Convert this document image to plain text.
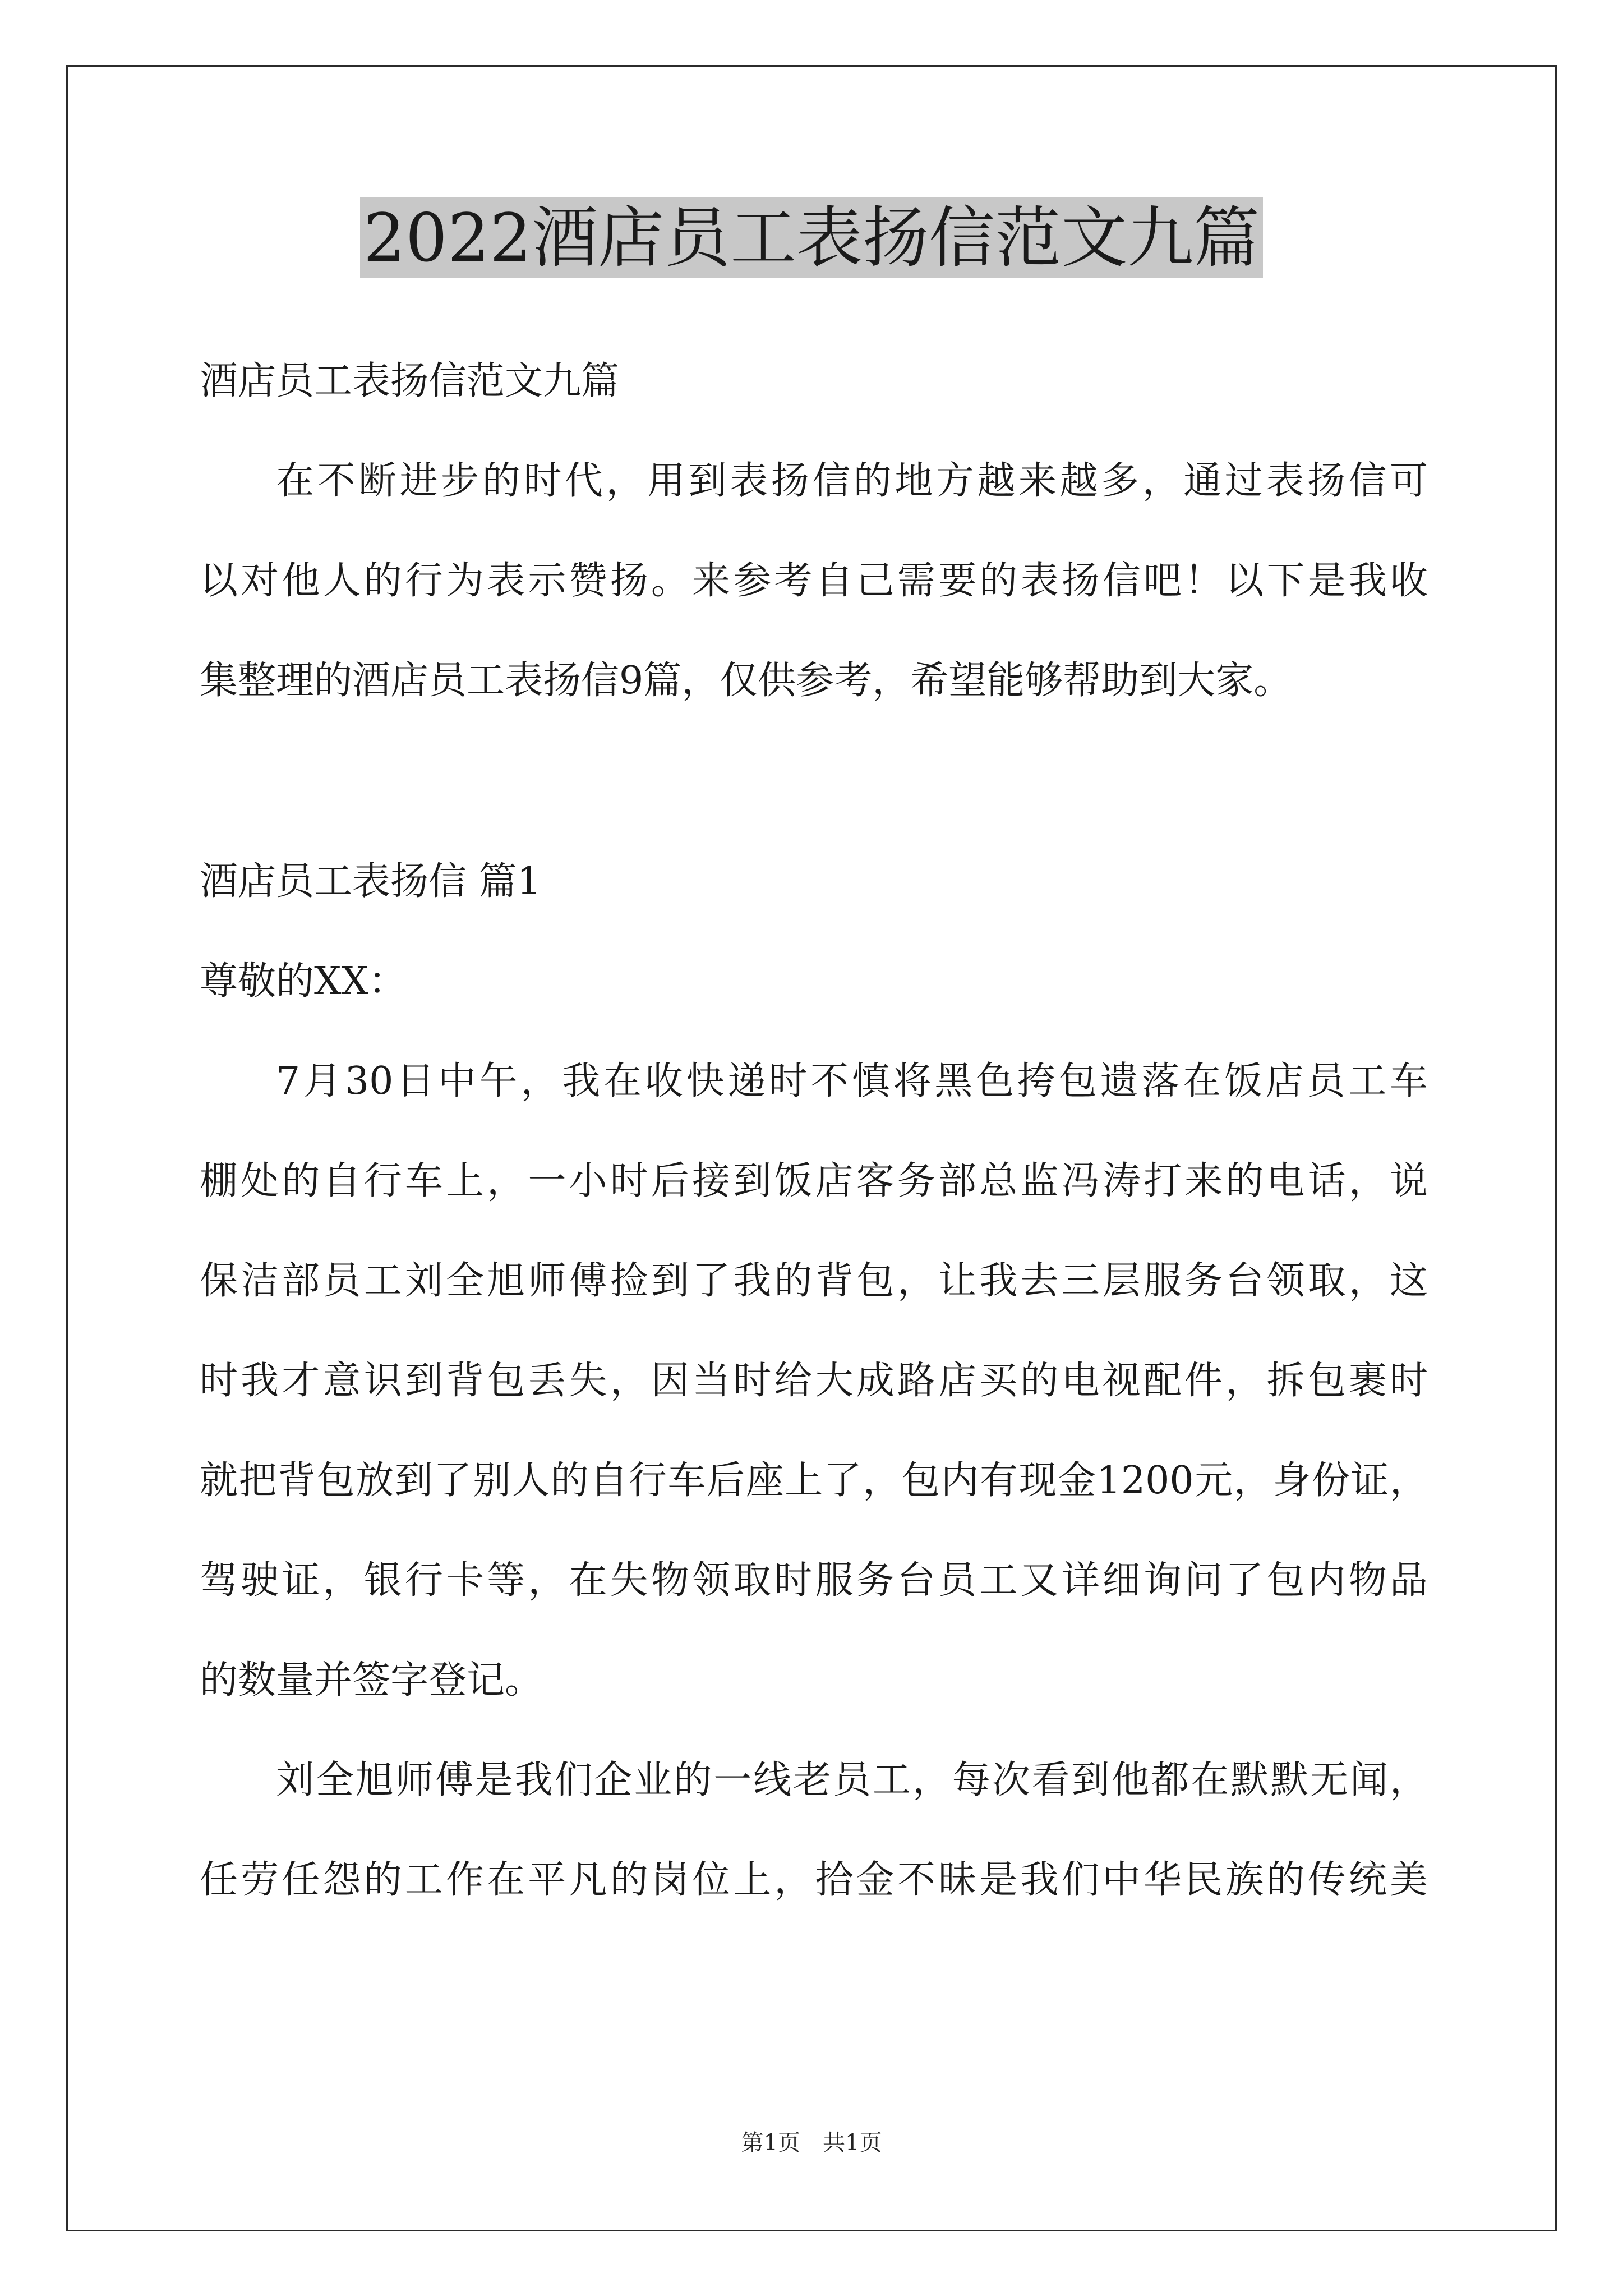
2022酒店员工表扬信范文九篇

酒店员工表扬信范文九篇

在不断进步的时代，用到表扬信的地方越来越多，通过表扬信可
以对他人的行为表示赞扬。来参考自己需要的表扬信吧！以下是我收
集整理的酒店员工表扬信9篇，仅供参考，希望能够帮助到大家。

酒店员工表扬信 篇1

尊敬的XX：

7月30日中午，我在收快递时不慎将黑色挎包遗落在饭店员工车
棚处的自行车上，一小时后接到饭店客务部总监冯涛打来的电话，说
保洁部员工刘全旭师傅捡到了我的背包，让我去三层服务台领取，这
时我才意识到背包丢失，因当时给大成路店买的电视配件，拆包裹时
就把背包放到了别人的自行车后座上了，包内有现金1200元，身份证，
驾驶证，银行卡等，在失物领取时服务台员工又详细询问了包内物品
的数量并签字登记。
刘全旭师傅是我们企业的一线老员工，每次看到他都在默默无闻，
任劳任怨的工作在平凡的岗位上，拾金不昧是我们中华民族的传统美
第1页 共1页
